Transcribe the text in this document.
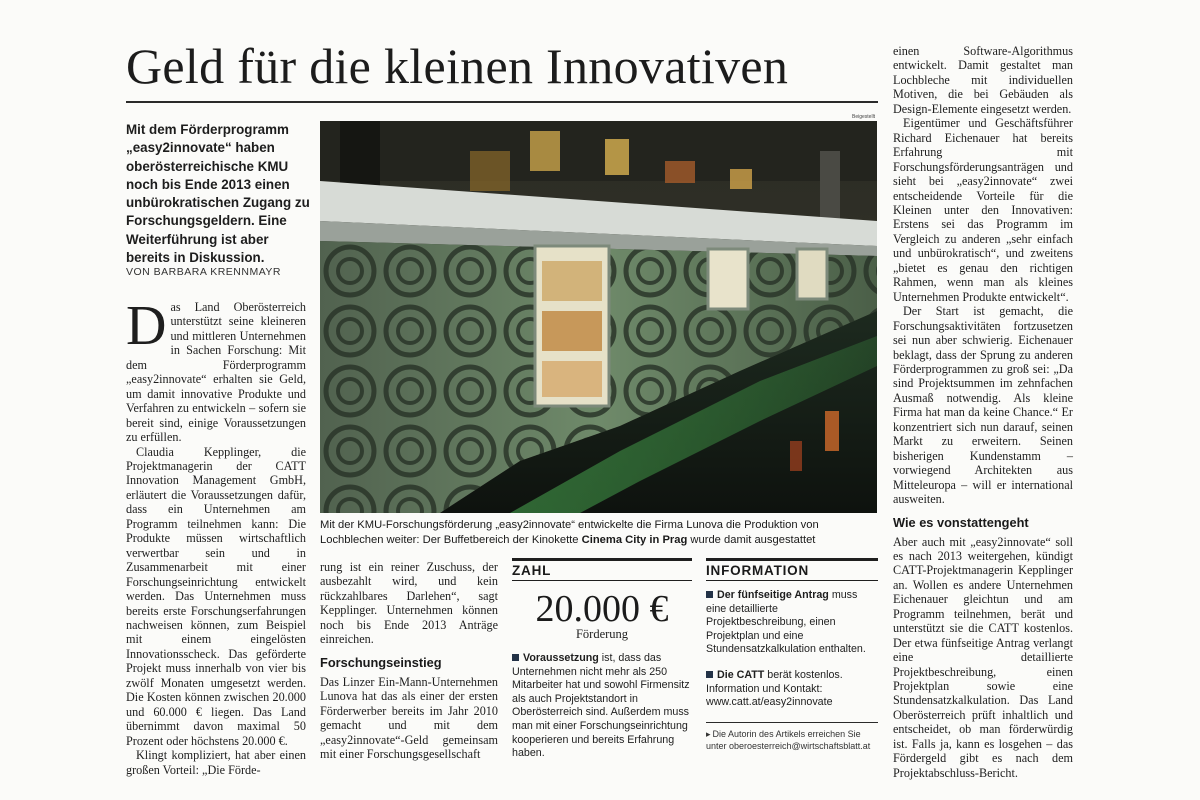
Geld für die kleinen Innovativen
Mit dem Förderprogramm „easy2innovate“ haben oberösterreichische KMU noch bis Ende 2013 einen unbürokratischen Zugang zu Forschungsgeldern. Eine Weiterführung ist aber bereits in Diskussion.
VON BARBARA KRENNMAYR

Das Land Oberösterreich unterstützt seine kleineren und mittleren Unternehmen in Sachen Forschung: Mit dem Förderprogramm „easy2innovate“ erhalten sie Geld, um damit innovative Produkte und Verfahren zu entwickeln – sofern sie bereit sind, einige Voraussetzungen zu erfüllen.

Claudia Kepplinger, die Projektmanagerin der CATT Innovation Management GmbH, erläutert die Voraussetzungen dafür, dass ein Unternehmen am Programm teilnehmen kann: Die Produkte müssen wirtschaftlich verwertbar sein und in Zusammenarbeit mit einer Forschungseinrichtung entwickelt werden. Das Unternehmen muss bereits erste Forschungserfahrungen nachweisen können, zum Beispiel mit einem eingelösten Innovationsscheck. Das geförderte Projekt muss innerhalb von vier bis zwölf Monaten umgesetzt werden. Die Kosten können zwischen 20.000 und 60.000 € liegen. Das Land übernimmt davon maximal 50 Prozent oder höchstens 20.000 €.

Klingt kompliziert, hat aber einen großen Vorteil: „Die Förde-

Beigestellt
Mit der KMU-Forschungsförderung „easy2innovate“ entwickelte die Firma Lunova die Produktion von Lochblechen weiter: Der Buffetbereich der Kinokette Cinema City in Prag wurde damit ausgestattet

rung ist ein reiner Zuschuss, der ausbezahlt wird, und kein rückzahlbares Darlehen“, sagt Kepplinger. Unternehmen können noch bis Ende 2013 Anträge einreichen.

Forschungseinstieg

Das Linzer Ein-Mann-Unternehmen Lunova hat das als einer der ersten Förderwerber bereits im Jahr 2010 gemacht und mit dem „easy2innovate“-Geld gemeinsam mit einer Forschungsgesellschaft

ZAHL
20.000 €
Förderung
Voraussetzung ist, dass das Unternehmen nicht mehr als 250 Mitarbeiter hat und sowohl Firmensitz als auch Projektstandort in Oberösterreich sind. Außerdem muss man mit einer Forschungseinrichtung kooperieren und bereits Erfahrung haben.
INFORMATION
Der fünfseitige Antrag muss eine detaillierte Projektbeschreibung, einen Projektplan und eine Stundensatzkalkulation enthalten.
Die CATT berät kostenlos. Information und Kontakt: www.catt.at/easy2innovate
▸ Die Autorin des Artikels erreichen Sie unter oberoesterreich@wirtschaftsblatt.at

einen Software-Algorithmus entwickelt. Damit gestaltet man Lochbleche mit individuellen Motiven, die bei Gebäuden als Design-Elemente eingesetzt werden.

Eigentümer und Geschäftsführer Richard Eichenauer hat bereits Erfahrung mit Forschungsförderungsanträgen und sieht bei „easy2innovate“ zwei entscheidende Vorteile für die Kleinen unter den Innovativen: Erstens sei das Programm im Vergleich zu anderen „sehr einfach und unbürokratisch“, und zweitens „bietet es genau den richtigen Rahmen, wenn man als kleines Unternehmen Produkte entwickelt“.

Der Start ist gemacht, die Forschungsaktivitäten fortzusetzen sei nun aber schwierig. Eichenauer beklagt, dass der Sprung zu anderen Förderprogrammen zu groß sei: „Da sind Projektsummen im zehnfachen Ausmaß notwendig. Als kleine Firma hat man da keine Chance.“ Er konzentriert sich nun darauf, seinen Markt zu erweitern. Seinen bisherigen Kundenstamm – vorwiegend Architekten aus Mitteleuropa – will er international ausweiten.

Wie es vonstattengeht

Aber auch mit „easy2innovate“ soll es nach 2013 weitergehen, kündigt CATT-Projektmanagerin Kepplinger an. Wollen es andere Unternehmen Eichenauer gleichtun und am Programm teilnehmen, berät und unterstützt sie die CATT kostenlos. Der etwa fünfseitige Antrag verlangt eine detaillierte Projektbeschreibung, einen Projektplan sowie eine Stundensatzkalkulation. Das Land Oberösterreich prüft inhaltlich und entscheidet, ob man förderwürdig ist. Falls ja, kann es losgehen – das Fördergeld gibt es nach dem Projektabschluss-Bericht.
